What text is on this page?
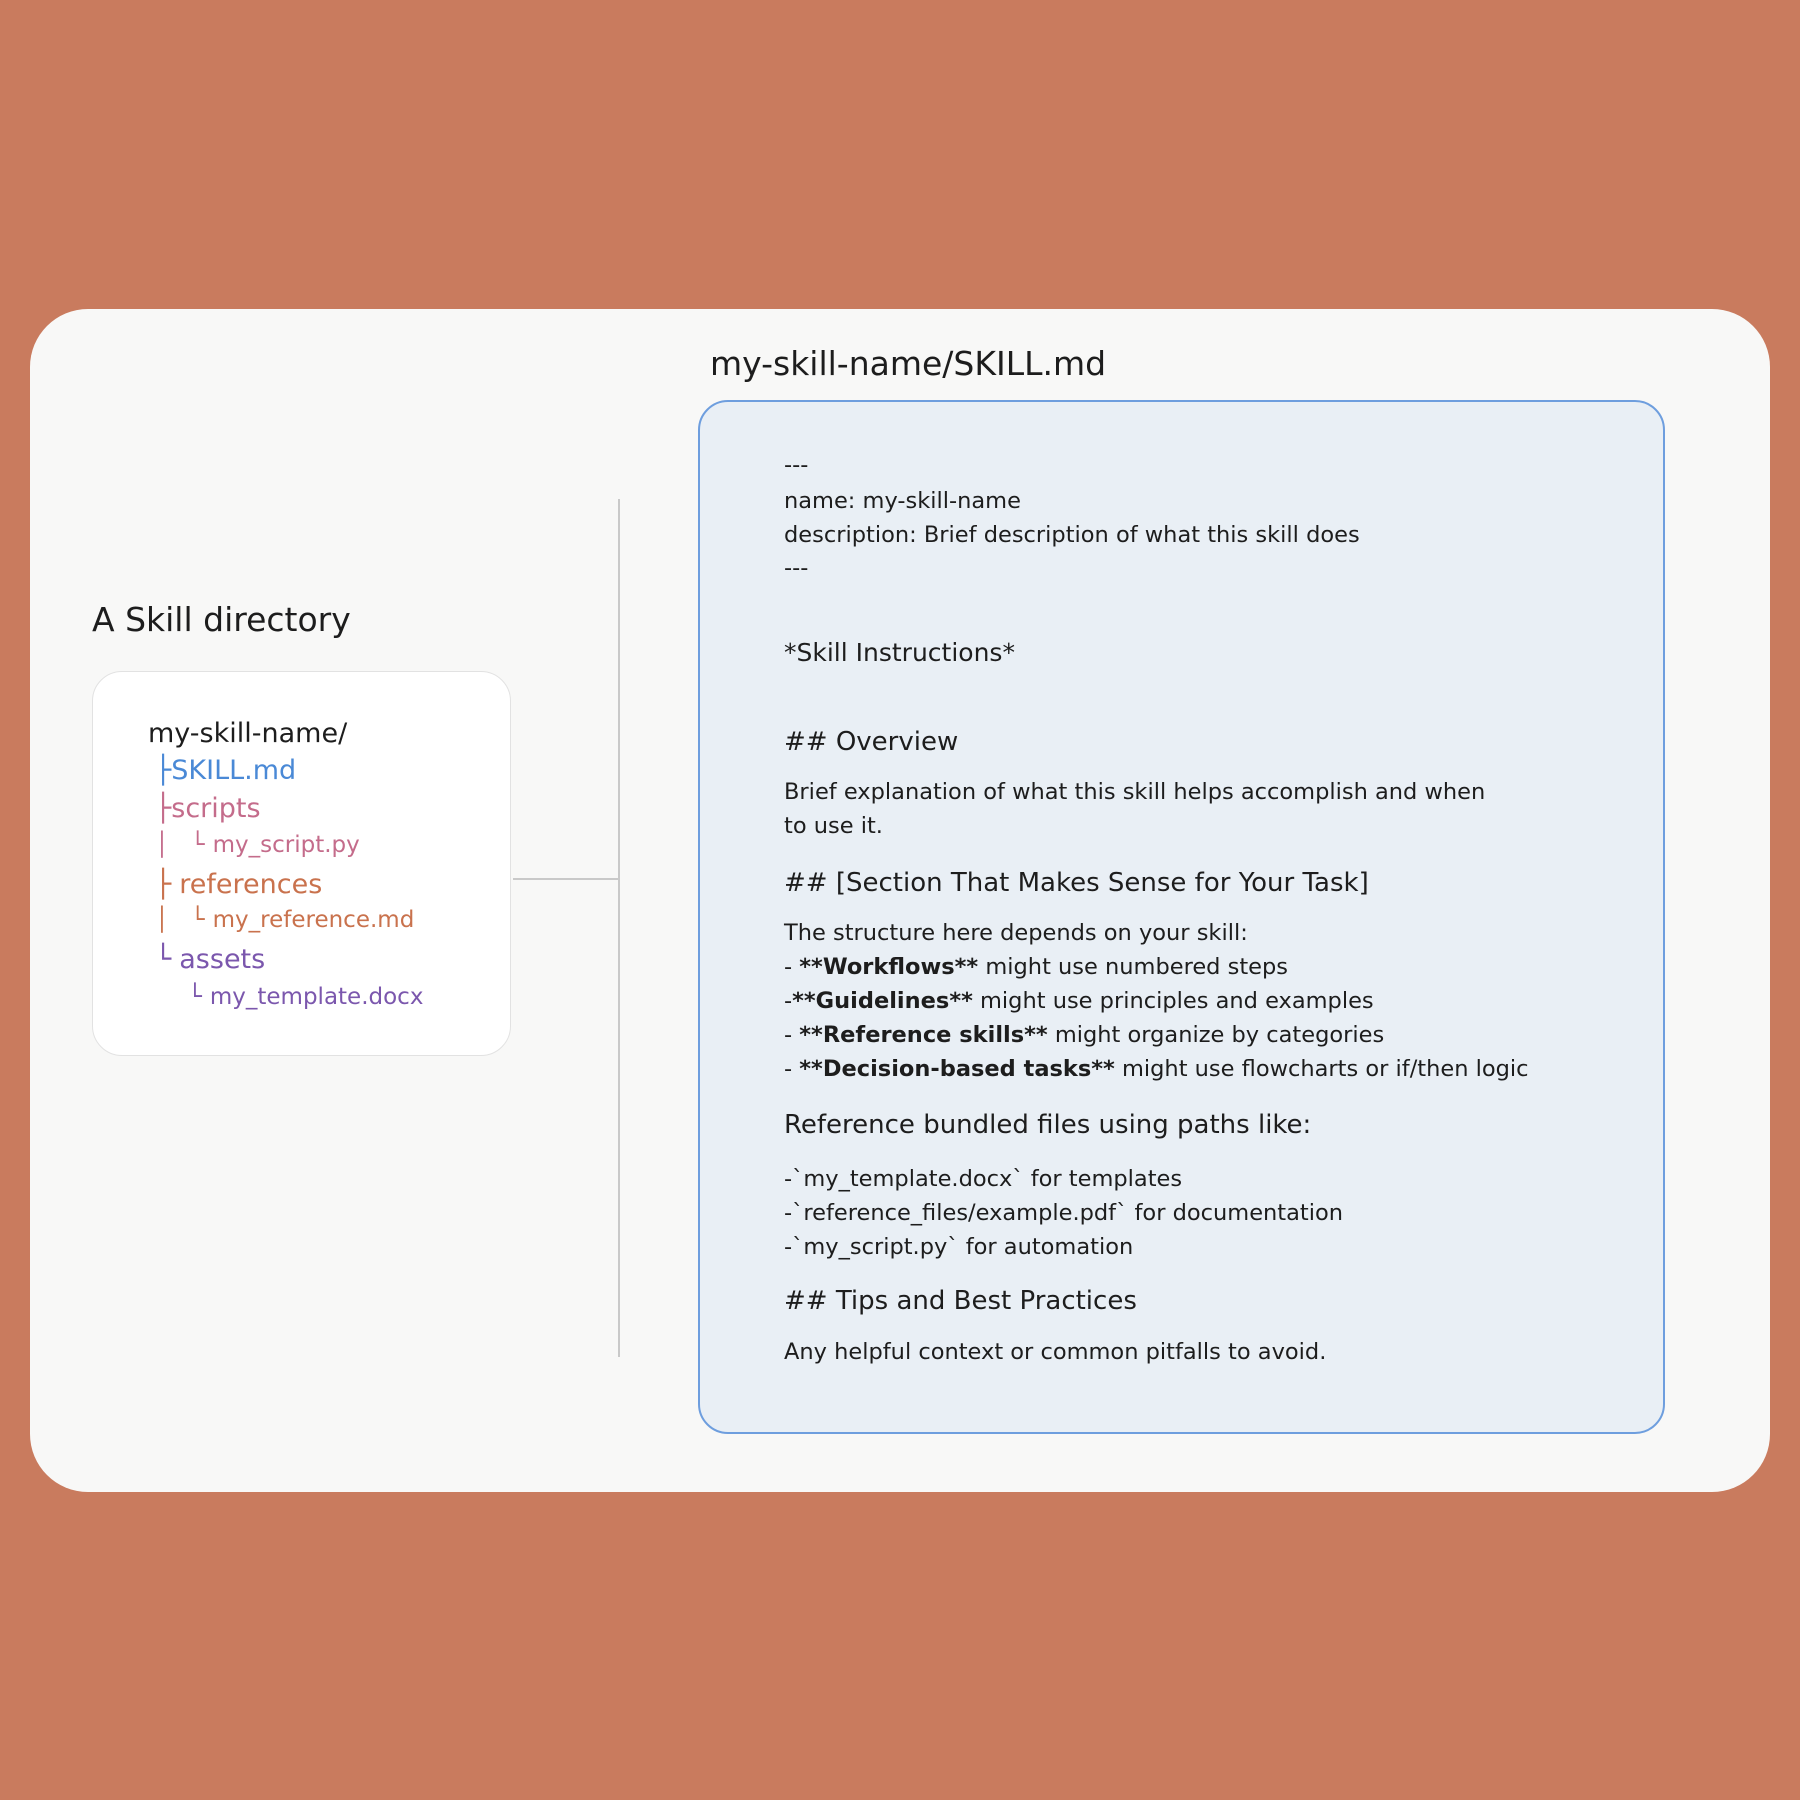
A Skill directory
my-skill-name/
├SKILL.md
├scripts
│   └ my_script.py
├ references
│   └ my_reference.md
└ assets
└ my_template.docx
my-skill-name/SKILL.md
---
name: my-skill-name
description: Brief description of what this skill does
---
*Skill Instructions*
## Overview
Brief explanation of what this skill helps accomplish and when
to use it.
## [Section That Makes Sense for Your Task]
The structure here depends on your skill:
- **Workflows** might use numbered steps
-**Guidelines** might use principles and examples
- **Reference skills** might organize by categories
- **Decision-based tasks** might use flowcharts or if/then logic
Reference bundled files using paths like:
-`my_template.docx` for templates
-`reference_files/example.pdf` for documentation
-`my_script.py` for automation
## Tips and Best Practices
Any helpful context or common pitfalls to avoid.
